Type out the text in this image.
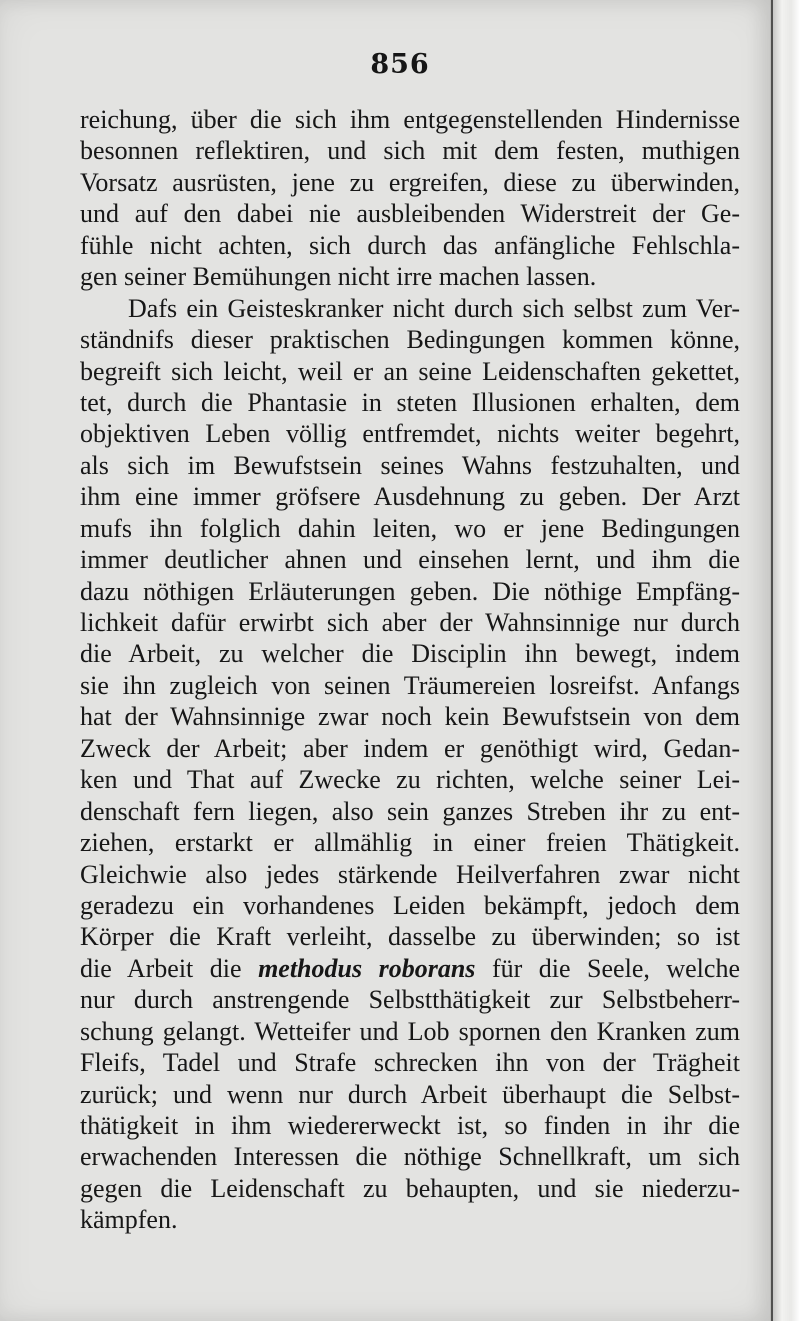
856
reichung, über die sich ihm entgegenstellenden Hindernisse
besonnen reflektiren, und sich mit dem festen, muthigen
Vorsatz ausrüsten, jene zu ergreifen, diese zu überwinden,
und auf den dabei nie ausbleibenden Widerstreit der Ge-
fühle nicht achten, sich durch das anfängliche Fehlschla-
gen seiner Bemühungen nicht irre machen lassen.
Dafs ein Geisteskranker nicht durch sich selbst zum Ver-
ständnifs dieser praktischen Bedingungen kommen könne,
begreift sich leicht, weil er an seine Leidenschaften gekettet,
tet, durch die Phantasie in steten Illusionen erhalten, dem
objektiven Leben völlig entfremdet, nichts weiter begehrt,
als sich im Bewufstsein seines Wahns festzuhalten, und
ihm eine immer gröfsere Ausdehnung zu geben. Der Arzt
mufs ihn folglich dahin leiten, wo er jene Bedingungen
immer deutlicher ahnen und einsehen lernt, und ihm die
dazu nöthigen Erläuterungen geben. Die nöthige Empfäng-
lichkeit dafür erwirbt sich aber der Wahnsinnige nur durch
die Arbeit, zu welcher die Disciplin ihn bewegt, indem
sie ihn zugleich von seinen Träumereien losreifst. Anfangs
hat der Wahnsinnige zwar noch kein Bewufstsein von dem
Zweck der Arbeit; aber indem er genöthigt wird, Gedan-
ken und That auf Zwecke zu richten, welche seiner Lei-
denschaft fern liegen, also sein ganzes Streben ihr zu ent-
ziehen, erstarkt er allmählig in einer freien Thätigkeit.
Gleichwie also jedes stärkende Heilverfahren zwar nicht
geradezu ein vorhandenes Leiden bekämpft, jedoch dem
Körper die Kraft verleiht, dasselbe zu überwinden; so ist
die Arbeit die methodus roborans für die Seele, welche
nur durch anstrengende Selbstthätigkeit zur Selbstbeherr-
schung gelangt. Wetteifer und Lob spornen den Kranken zum
Fleifs, Tadel und Strafe schrecken ihn von der Trägheit
zurück; und wenn nur durch Arbeit überhaupt die Selbst-
thätigkeit in ihm wiedererweckt ist, so finden in ihr die
erwachenden Interessen die nöthige Schnellkraft, um sich
gegen die Leidenschaft zu behaupten, und sie niederzu-
kämpfen.
